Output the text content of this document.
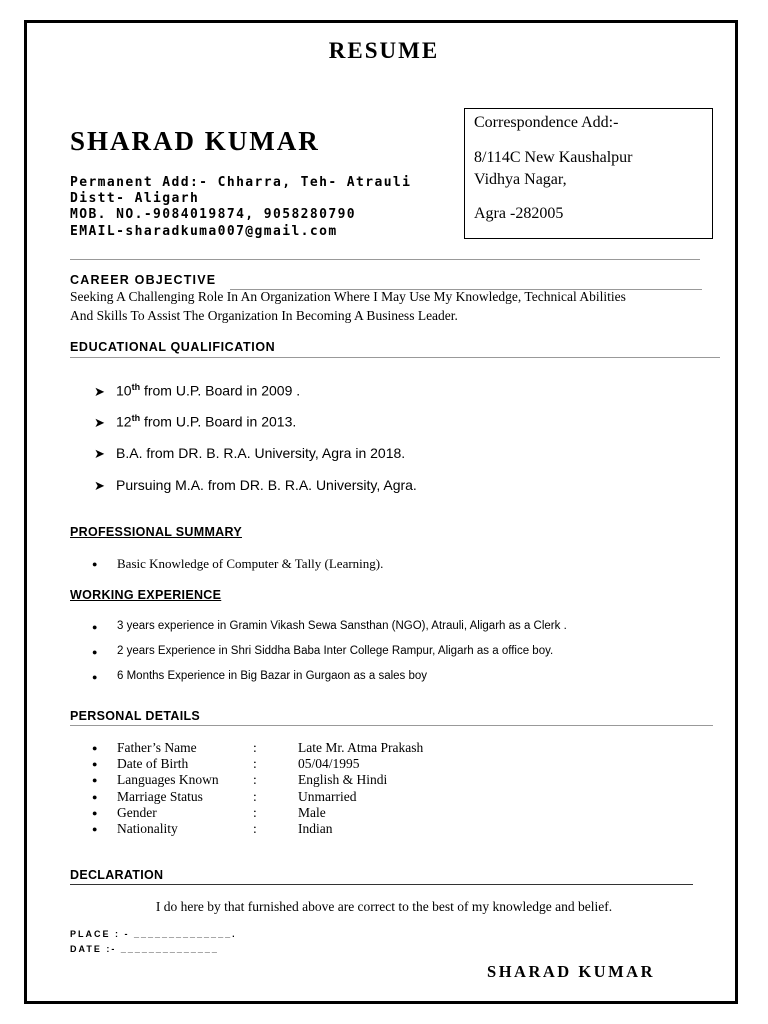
RESUME
SHARAD KUMAR
Permanent Add:- Chharra, Teh- Atrauli
Distt- Aligarh
MOB. NO.-9084019874, 9058280790
EMAIL-sharadkuma007@gmail.com
Correspondence Add:-
8/114C New Kaushalpur
Vidhya Nagar,
Agra -282005
CAREER OBJECTIVE
Seeking A Challenging Role In An Organization Where I May Use My Knowledge, Technical Abilities
And Skills To Assist The Organization In Becoming A Business Leader.
EDUCATIONAL QUALIFICATION
➤ 10th from U.P. Board in 2009 .
➤ 12th from U.P. Board in 2013.
➤ B.A. from DR. B. R.A. University, Agra in 2018.
➤ Pursuing M.A. from DR. B. R.A. University, Agra.
PROFESSIONAL SUMMARY
● Basic Knowledge of Computer & Tally (Learning).
WORKING EXPERIENCE
● 3 years experience in Gramin Vikash Sewa Sansthan (NGO), Atrauli, Aligarh as a Clerk .
● 2 years Experience in Shri Siddha Baba Inter College Rampur, Aligarh as a office boy.
● 6 Months Experience in Big Bazar in Gurgaon as a sales boy
PERSONAL DETAILS
● Father’s Name	:	Late Mr. Atma Prakash
● Date of Birth	:	05/04/1995
● Languages Known	:	English & Hindi
● Marriage Status	:	Unmarried
● Gender	:	Male
● Nationality	:	Indian
DECLARATION
I do here by that furnished above are correct to the best of my knowledge and belief.
PLACE : - ______________.
DATE :- ______________
SHARAD KUMAR
